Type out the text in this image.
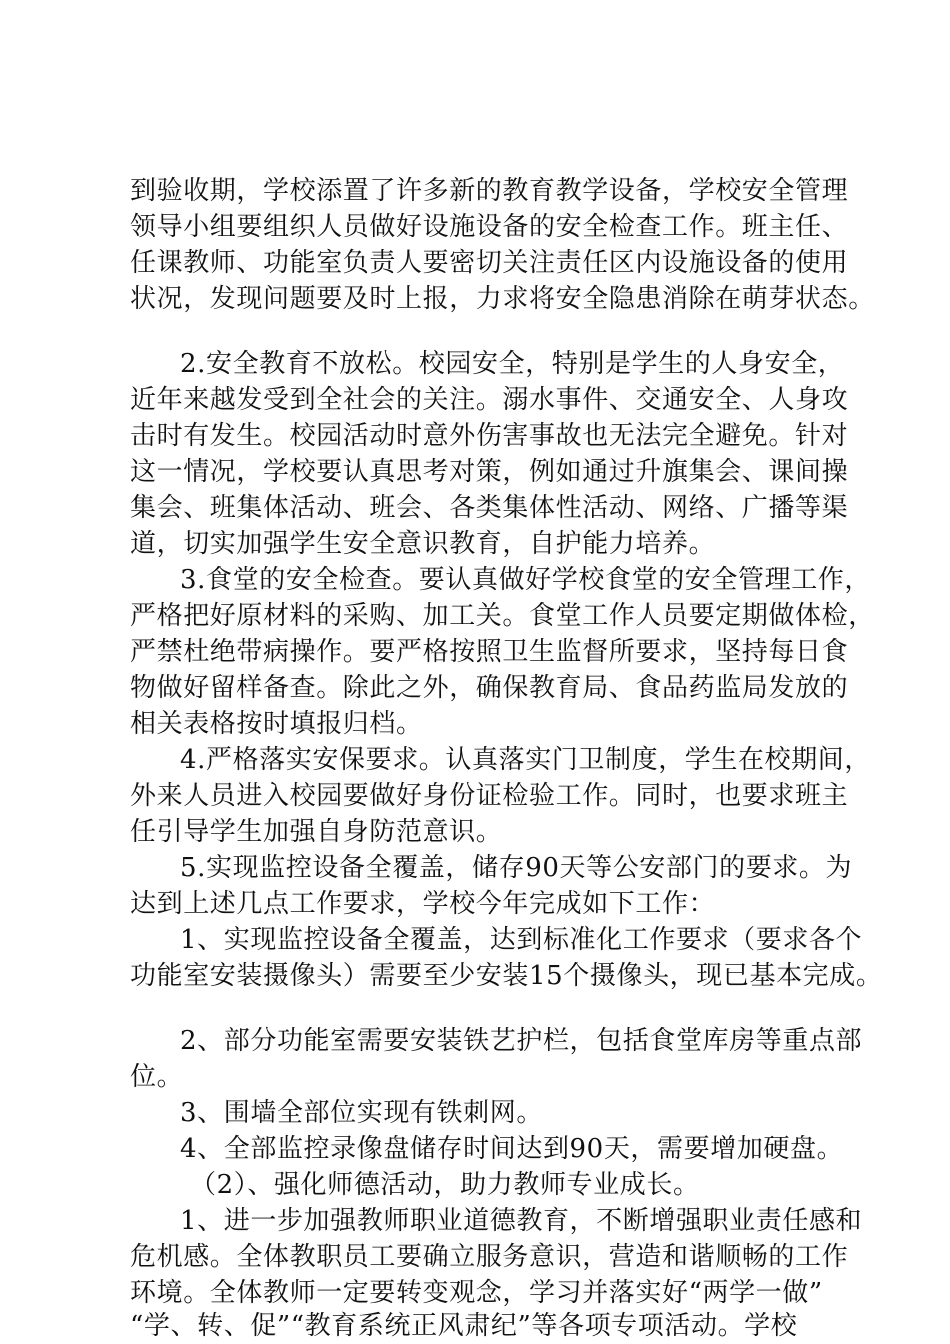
到验收期，学校添置了许多新的教育教学设备，学校安全管理
领导小组要组织人员做好设施设备的安全检查工作。班主任、
任课教师、功能室负责人要密切关注责任区内设施设备的使用
状况，发现问题要及时上报，力求将安全隐患消除在萌芽状态。
2.安全教育不放松。校园安全，特别是学生的人身安全，
近年来越发受到全社会的关注。溺水事件、交通安全、人身攻
击时有发生。校园活动时意外伤害事故也无法完全避免。针对
这一情况，学校要认真思考对策，例如通过升旗集会、课间操
集会、班集体活动、班会、各类集体性活动、网络、广播等渠
道，切实加强学生安全意识教育，自护能力培养。
3.食堂的安全检查。要认真做好学校食堂的安全管理工作，
严格把好原材料的采购、加工关。食堂工作人员要定期做体检，
严禁杜绝带病操作。要严格按照卫生监督所要求，坚持每日食
物做好留样备查。除此之外，确保教育局、食品药监局发放的
相关表格按时填报归档。
4.严格落实安保要求。认真落实门卫制度，学生在校期间，
外来人员进入校园要做好身份证检验工作。同时，也要求班主
任引导学生加强自身防范意识。
5.实现监控设备全覆盖，储存90天等公安部门的要求。为
达到上述几点工作要求，学校今年完成如下工作：
1、实现监控设备全覆盖，达到标准化工作要求（要求各个
功能室安装摄像头）需要至少安装15个摄像头，现已基本完成。
2、部分功能室需要安装铁艺护栏，包括食堂库房等重点部
位。
3、围墙全部位实现有铁刺网。
4、全部监控录像盘储存时间达到90天，需要增加硬盘。
（2）、强化师德活动，助力教师专业成长。
1、进一步加强教师职业道德教育，不断增强职业责任感和
危机感。全体教职员工要确立服务意识，营造和谐顺畅的工作
环境。全体教师一定要转变观念，学习并落实好“两学一做”
“学、转、促”“教育系统正风肃纪”等各项专项活动。学校
